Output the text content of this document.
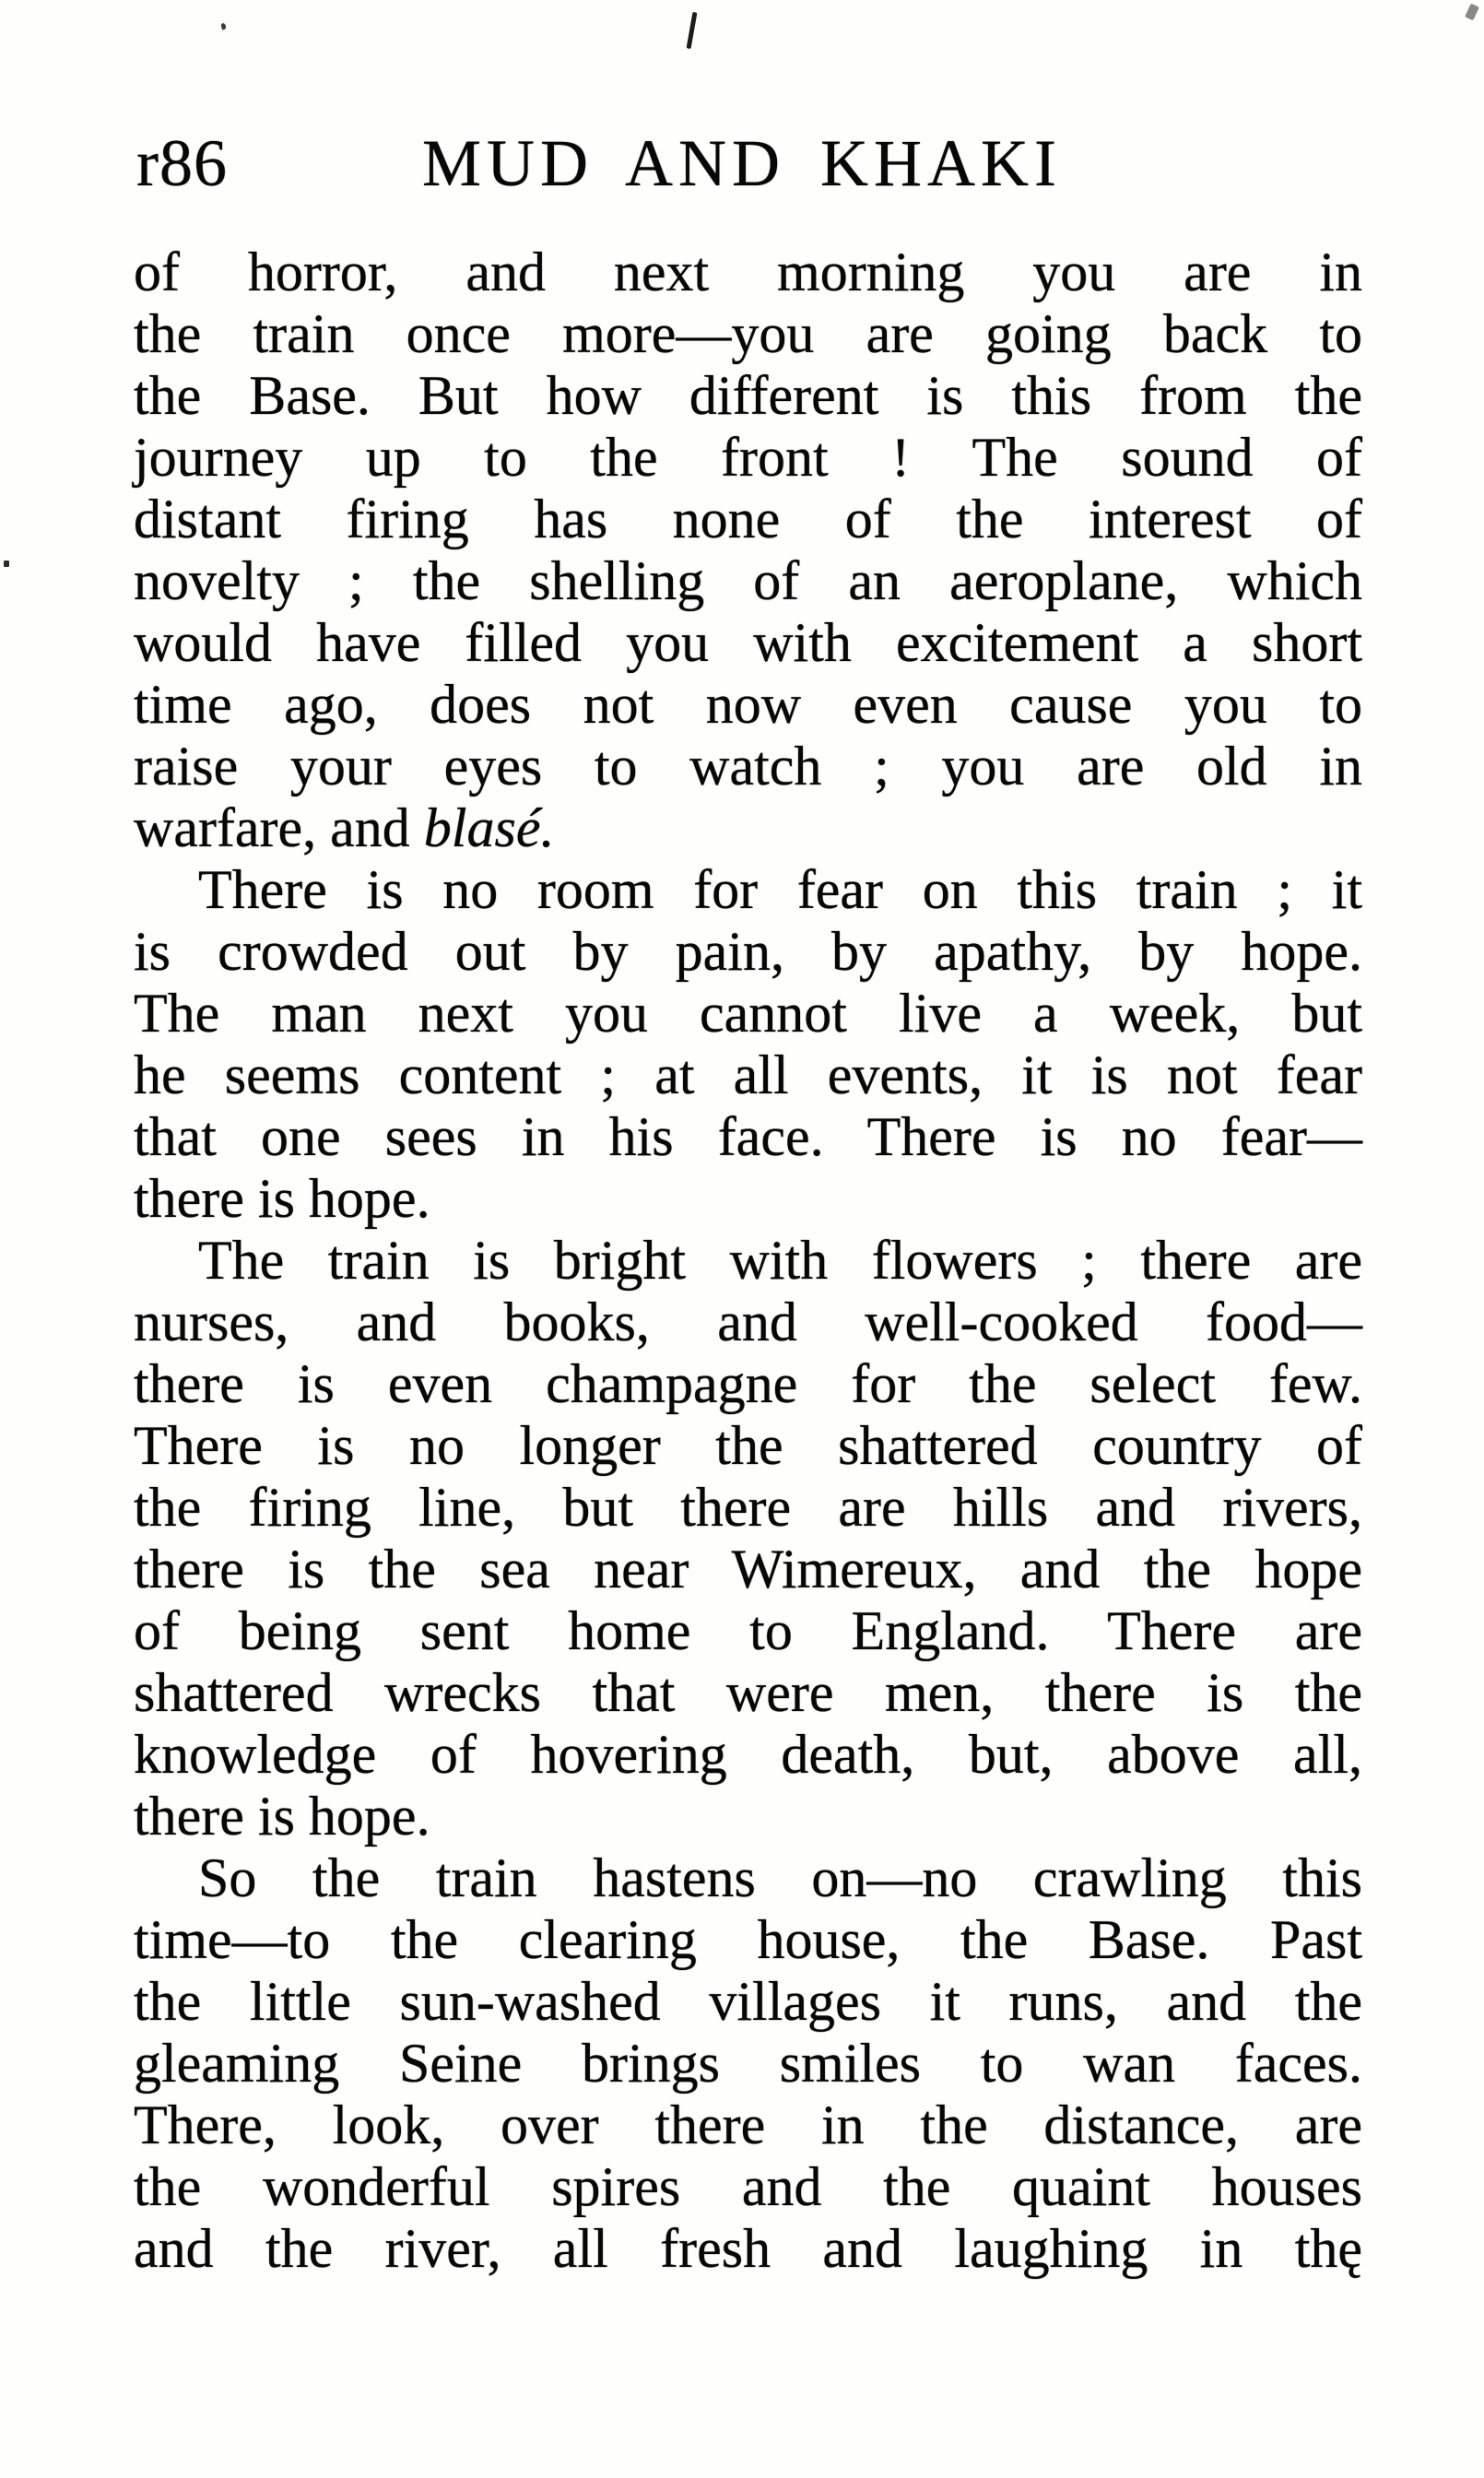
r86	MUD AND KHAKI
of horror, and next morning you are in
the train once more—you are going back to
the Base. But how different is this from the
journey up to the front ! The sound of
distant firing has none of the interest of
novelty ; the shelling of an aeroplane, which
would have filled you with excitement a short
time ago, does not now even cause you to
raise your eyes to watch ; you are old in
warfare, and blasé.
There is no room for fear on this train ; it
is crowded out by pain, by apathy, by hope.
The man next you cannot live a week, but
he seems content ; at all events, it is not fear
that one sees in his face. There is no fear—
there is hope.
The train is bright with flowers ; there are
nurses, and books, and well-cooked food—
there is even champagne for the select few.
There is no longer the shattered country of
the firing line, but there are hills and rivers,
there is the sea near Wimereux, and the hope
of being sent home to England. There are
shattered wrecks that were men, there is the
knowledge of hovering death, but, above all,
there is hope.
So the train hastens on—no crawling this
time—to the clearing house, the Base. Past
the little sun-washed villages it runs, and the
gleaming Seine brings smiles to wan faces.
There, look, over there in the distance, are
the wonderful spires and the quaint houses
and the river, all fresh and laughing in thę
